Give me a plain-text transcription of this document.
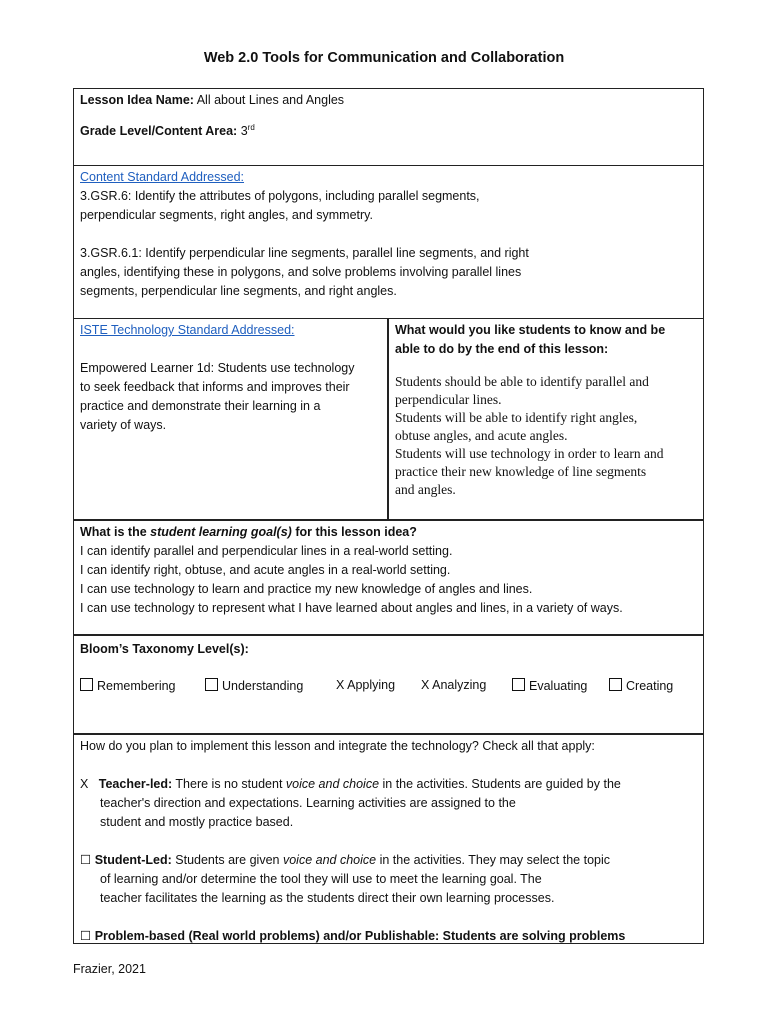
Web 2.0 Tools for Communication and Collaboration
Lesson Idea Name: All about Lines and Angles
Grade Level/Content Area: 3rd
Content Standard Addressed:
3.GSR.6: Identify the attributes of polygons, including parallel segments,
perpendicular segments, right angles, and symmetry.
3.GSR.6.1: Identify perpendicular line segments, parallel line segments, and right
angles, identifying these in polygons, and solve problems involving parallel lines
segments, perpendicular line segments, and right angles.
ISTE Technology Standard Addressed:
Empowered Learner 1d: Students use technology
to seek feedback that informs and improves their
practice and demonstrate their learning in a
variety of ways.
What would you like students to know and be
able to do by the end of this lesson:
Students should be able to identify parallel and
perpendicular lines.
Students will be able to identify right angles,
obtuse angles, and acute angles.
Students will use technology in order to learn and
practice their new knowledge of line segments
and angles.
What is the student learning goal(s) for this lesson idea?
I can identify parallel and perpendicular lines in a real-world setting.
I can identify right, obtuse, and acute angles in a real-world setting.
I can use technology to learn and practice my new knowledge of angles and lines.
I can use technology to represent what I have learned about angles and lines, in a variety of ways.
Bloom’s Taxonomy Level(s):
Remembering	Understanding	X Applying X Analyzing	Evaluating	Creating
How do you plan to implement this lesson and integrate the technology? Check all that apply:
X Teacher-led: There is no student voice and choice in the activities. Students are guided by the
teacher's direction and expectations. Learning activities are assigned to the
student and mostly practice based.
☐ Student-Led: Students are given voice and choice in the activities. They may select the topic
of learning and/or determine the tool they will use to meet the learning goal. The
teacher facilitates the learning as the students direct their own learning processes.
☐ Problem-based (Real world problems) and/or Publishable: Students are solving problems
Frazier, 2021
